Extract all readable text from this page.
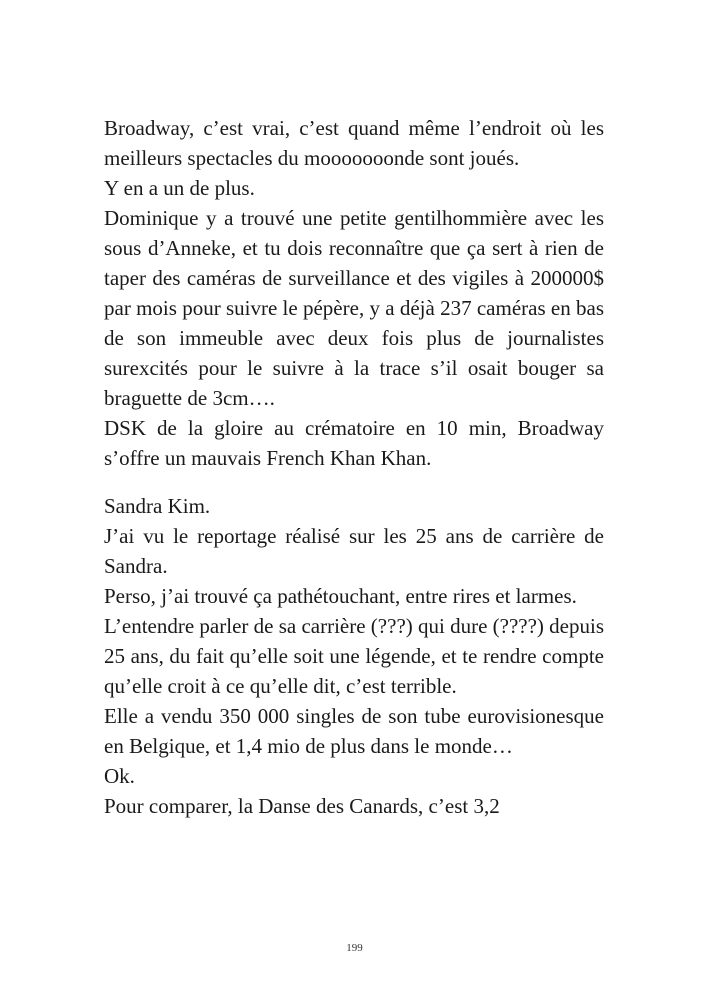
Broadway, c’est vrai, c’est quand même l’endroit où les meilleurs spectacles du mooooooonde sont joués.

Y en a un de plus.

Dominique y a trouvé une petite gentilhommière avec les sous d’Anneke, et tu dois reconnaître que ça sert à rien de taper des caméras de surveillance et des vigiles à 200000$ par mois pour suivre le pépère, y a déjà 237 caméras en bas de son immeuble avec deux fois plus de journalistes surexcités pour le suivre à la trace s’il osait bouger sa braguette de 3cm….

DSK de la gloire au crématoire en 10 min, Broadway s’offre un mauvais French Khan Khan.

Sandra Kim.

J’ai vu le reportage réalisé sur les 25 ans de carrière de Sandra.

Perso, j’ai trouvé ça pathétouchant, entre rires et larmes.

L’entendre parler de sa carrière (???) qui dure (????) depuis 25 ans, du fait qu’elle soit une légende, et te rendre compte qu’elle croit à ce qu’elle dit, c’est terrible.

Elle a vendu 350 000 singles de son tube eurovisionesque en Belgique, et 1,4 mio de plus dans le monde…

Ok.

Pour comparer, la Danse des Canards, c’est 3,2

199
